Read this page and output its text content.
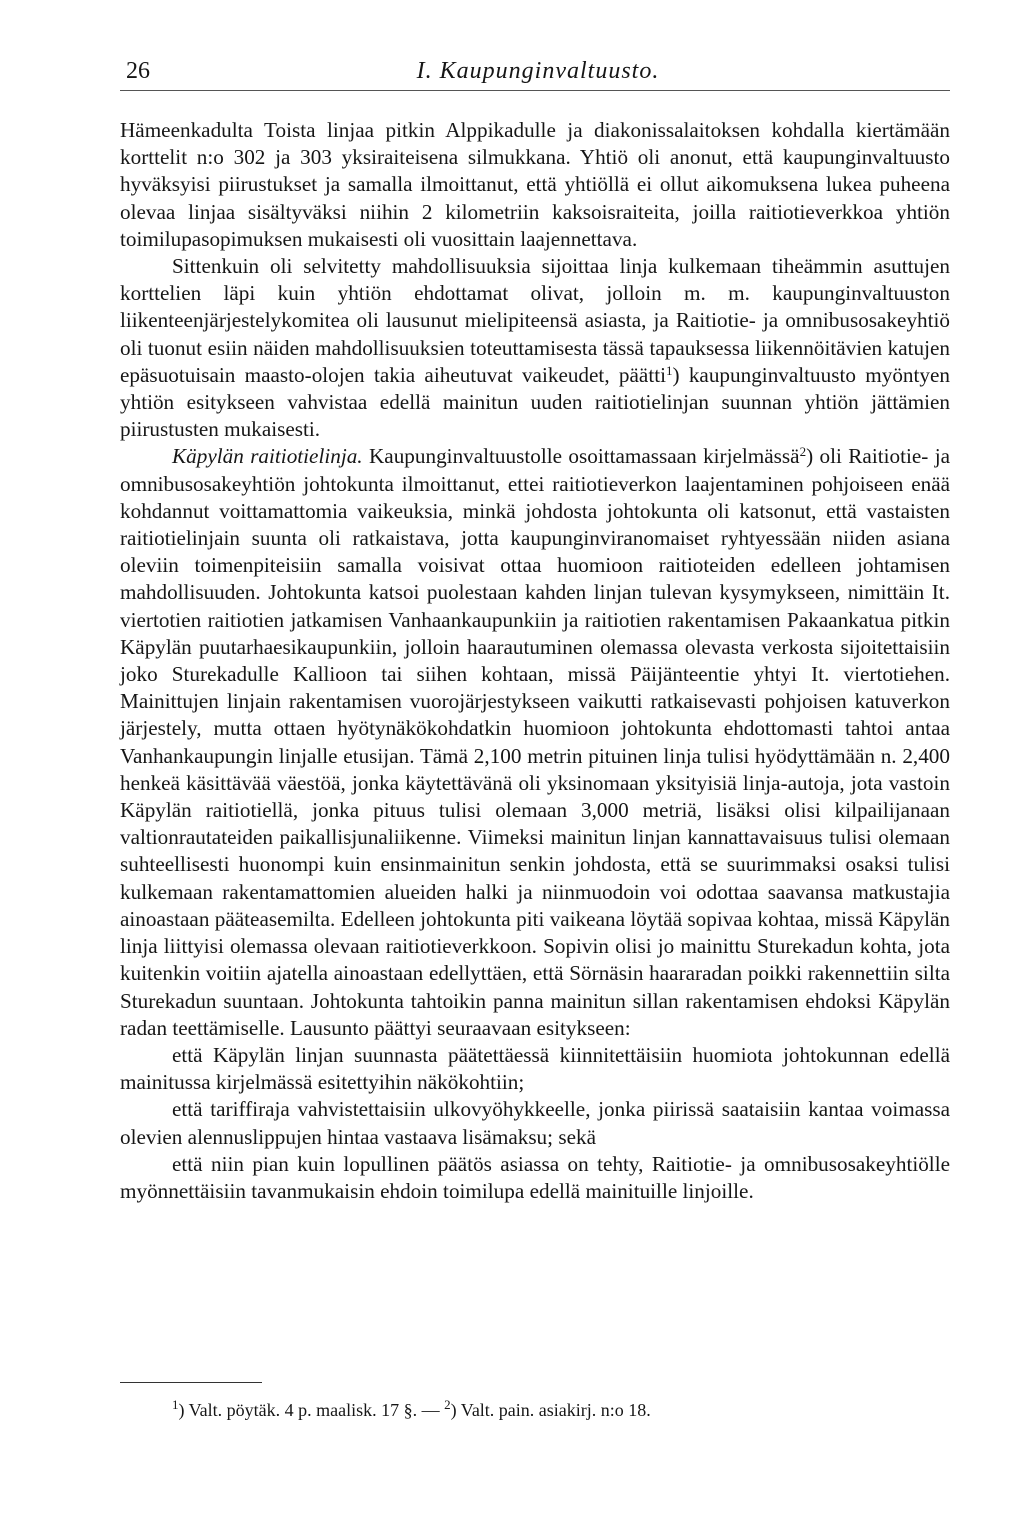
26	I. Kaupunginvaltuusto.

Hämeenkadulta Toista linjaa pitkin Alppikadulle ja diakonissalaitoksen kohdalla kiertämään korttelit n:o 302 ja 303 yksiraiteisena silmukkana. Yhtiö oli anonut, että kaupunginvaltuusto hyväksyisi piirustukset ja samalla ilmoittanut, että yhtiöllä ei ollut aikomuksena lukea puheena olevaa linjaa sisältyväksi niihin 2 kilometriin kaksoisraiteita, joilla raitiotieverkkoa yhtiön toimilupasopimuksen mukaisesti oli vuosittain laajennettava.

Sittenkuin oli selvitetty mahdollisuuksia sijoittaa linja kulkemaan tiheämmin asuttujen korttelien läpi kuin yhtiön ehdottamat olivat, jolloin m. m. kaupunginvaltuuston liikenteenjärjestelykomitea oli lausunut mielipiteensä asiasta, ja Raitiotie- ja omnibusosakeyhtiö oli tuonut esiin näiden mahdollisuuksien toteuttamisesta tässä tapauksessa liikennöitävien katujen epäsuotuisain maasto-olojen takia aiheutuvat vaikeudet, päätti$^1$) kaupunginvaltuusto myöntyen yhtiön esitykseen vahvistaa edellä mainitun uuden raitiotielinjan suunnan yhtiön jättämien piirustusten mukaisesti.

Käpylän raitiotielinja. Kaupunginvaltuustolle osoittamassaan kirjelmässä$^2$) oli Raitiotie- ja omnibusosakeyhtiön johtokunta ilmoittanut, ettei raitiotieverkon laajentaminen pohjoiseen enää kohdannut voittamattomia vaikeuksia, minkä johdosta johtokunta oli katsonut, että vastaisten raitiotielinjain suunta oli ratkaistava, jotta kaupunginviranomaiset ryhtyessään niiden asiana oleviin toimenpiteisiin samalla voisivat ottaa huomioon raitioteiden edelleen johtamisen mahdollisuuden. Johtokunta katsoi puolestaan kahden linjan tulevan kysymykseen, nimittäin It. viertotien raitiotien jatkamisen Vanhaankaupunkiin ja raitiotien rakentamisen Pakaankatua pitkin Käpylän puutarhaesikaupunkiin, jolloin haarautuminen olemassa olevasta verkosta sijoitettaisiin joko Sturekadulle Kallioon tai siihen kohtaan, missä Päijänteentie yhtyi It. viertotiehen. Mainittujen linjain rakentamisen vuorojärjestykseen vaikutti ratkaisevasti pohjoisen katuverkon järjestely, mutta ottaen hyötynäkökohdatkin huomioon johtokunta ehdottomasti tahtoi antaa Vanhankaupungin linjalle etusijan. Tämä 2,100 metrin pituinen linja tulisi hyödyttämään n. 2,400 henkeä käsittävää väestöä, jonka käytettävänä oli yksinomaan yksityisiä linja-autoja, jota vastoin Käpylän raitiotiellä, jonka pituus tulisi olemaan 3,000 metriä, lisäksi olisi kilpailijanaan valtionrautateiden paikallisjunaliikenne. Viimeksi mainitun linjan kannattavaisuus tulisi olemaan suhteellisesti huonompi kuin ensinmainitun senkin johdosta, että se suurimmaksi osaksi tulisi kulkemaan rakentamattomien alueiden halki ja niinmuodoin voi odottaa saavansa matkustajia ainoastaan pääteasemilta. Edelleen johtokunta piti vaikeana löytää sopivaa kohtaa, missä Käpylän linja liittyisi olemassa olevaan raitiotieverkkoon. Sopivin olisi jo mainittu Sturekadun kohta, jota kuitenkin voitiin ajatella ainoastaan edellyttäen, että Sörnäsin haararadan poikki rakennettiin silta Sturekadun suuntaan. Johtokunta tahtoikin panna mainitun sillan rakentamisen ehdoksi Käpylän radan teettämiselle. Lausunto päättyi seuraavaan esitykseen:

että Käpylän linjan suunnasta päätettäessä kiinnitettäisiin huomiota johtokunnan edellä mainitussa kirjelmässä esitettyihin näkökohtiin;

että tariffiraja vahvistettaisiin ulkovyöhykkeelle, jonka piirissä saataisiin kantaa voimassa olevien alennuslippujen hintaa vastaava lisämaksu; sekä

että niin pian kuin lopullinen päätös asiassa on tehty, Raitiotie- ja omnibusosakeyhtiölle myönnettäisiin tavanmukaisin ehdoin toimilupa edellä mainituille linjoille.

$^1$) Valt. pöytäk. 4 p. maalisk. 17 §. — $^2$) Valt. pain. asiakirj. n:o 18.
